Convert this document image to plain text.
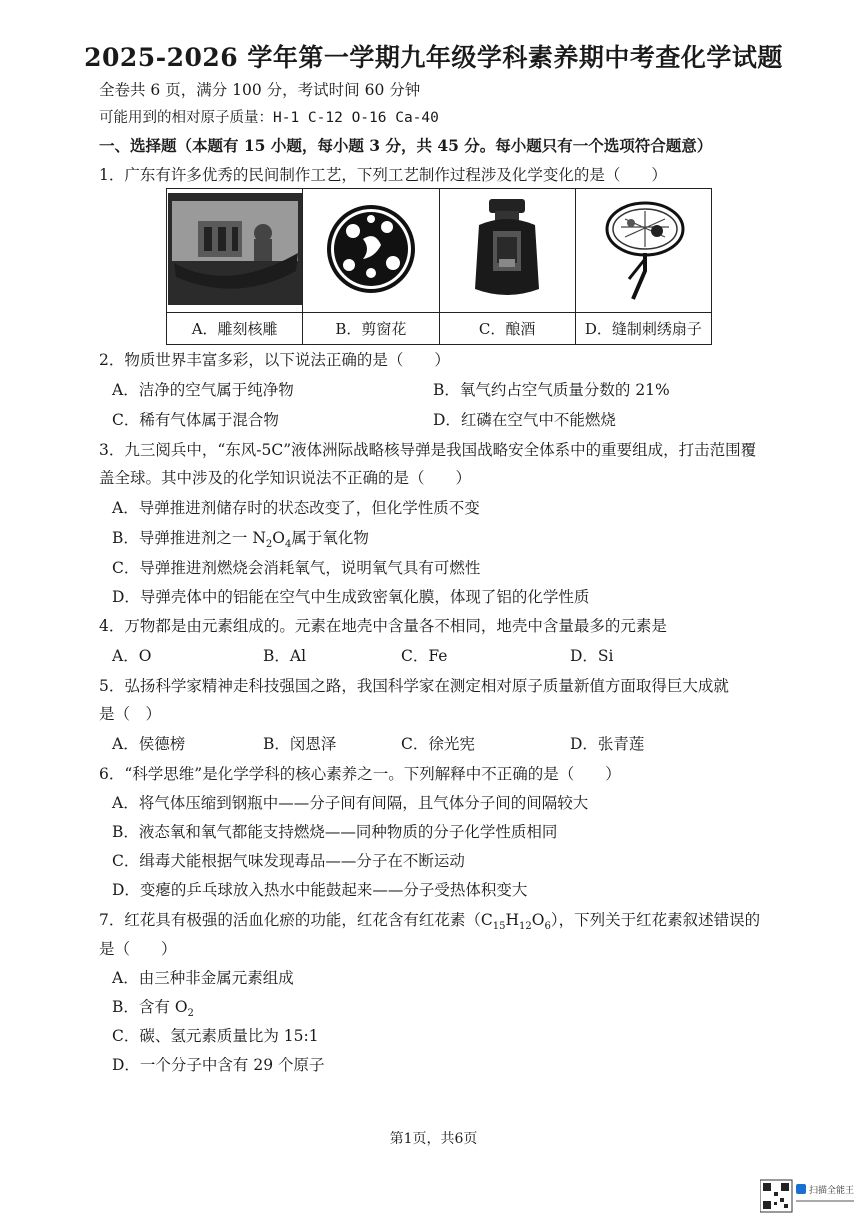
2025-2026 学年第一学期九年级学科素养期中考查化学试题
全卷共 6 页，满分 100 分，考试时间 60 分钟
可能用到的相对原子质量：H-1 C-12 O-16 Ca-40
一、选择题（本题有 15 小题，每小题 3 分，共 45 分。每小题只有一个选项符合题意）
1．广东有许多优秀的民间制作工艺，下列工艺制作过程涉及化学变化的是（　　）

A．雕刻核雕	B．剪窗花	C．酿酒	D．缝制刺绣扇子
2．物质世界丰富多彩，以下说法正确的是（　　）
A．洁净的空气属于纯净物	B．氧气约占空气质量分数的 21%
C．稀有气体属于混合物	D．红磷在空气中不能燃烧
3．九三阅兵中，“东风-5C”液体洲际战略核导弹是我国战略安全体系中的重要组成，打击范围覆
盖全球。其中涉及的化学知识说法不正确的是（　　）
A．导弹推进剂储存时的状态改变了，但化学性质不变
B．导弹推进剂之一 $N_2O_4$属于氧化物
C．导弹推进剂燃烧会消耗氧气，说明氧气具有可燃性
D．导弹壳体中的铝能在空气中生成致密氧化膜，体现了铝的化学性质
4．万物都是由元素组成的。元素在地壳中含量各不相同，地壳中含量最多的元素是
A．O	B．Al	C．Fe	D．Si
5．弘扬科学家精神走科技强国之路，我国科学家在测定相对原子质量新值方面取得巨大成就
是（　）
A．侯德榜	B．闵恩泽	C．徐光宪	D．张青莲
6．“科学思维”是化学学科的核心素养之一。下列解释中不正确的是（　　）
A．将气体压缩到钢瓶中——分子间有间隔，且气体分子间的间隔较大
B．液态氧和氧气都能支持燃烧——同种物质的分子化学性质相同
C．缉毒犬能根据气味发现毒品——分子在不断运动
D．变瘪的乒乓球放入热水中能鼓起来——分子受热体积变大
7．红花具有极强的活血化瘀的功能，红花含有红花素$(C_{15}H_{12}O_6)$，下列关于红花素叙述错误的
是（　　）
A．由三种非金属元素组成
B．含有 $O_2$
C．碳、氢元素质量比为 15:1
D．一个分子中含有 29 个原子
第1页，共6页
扫描全能王
